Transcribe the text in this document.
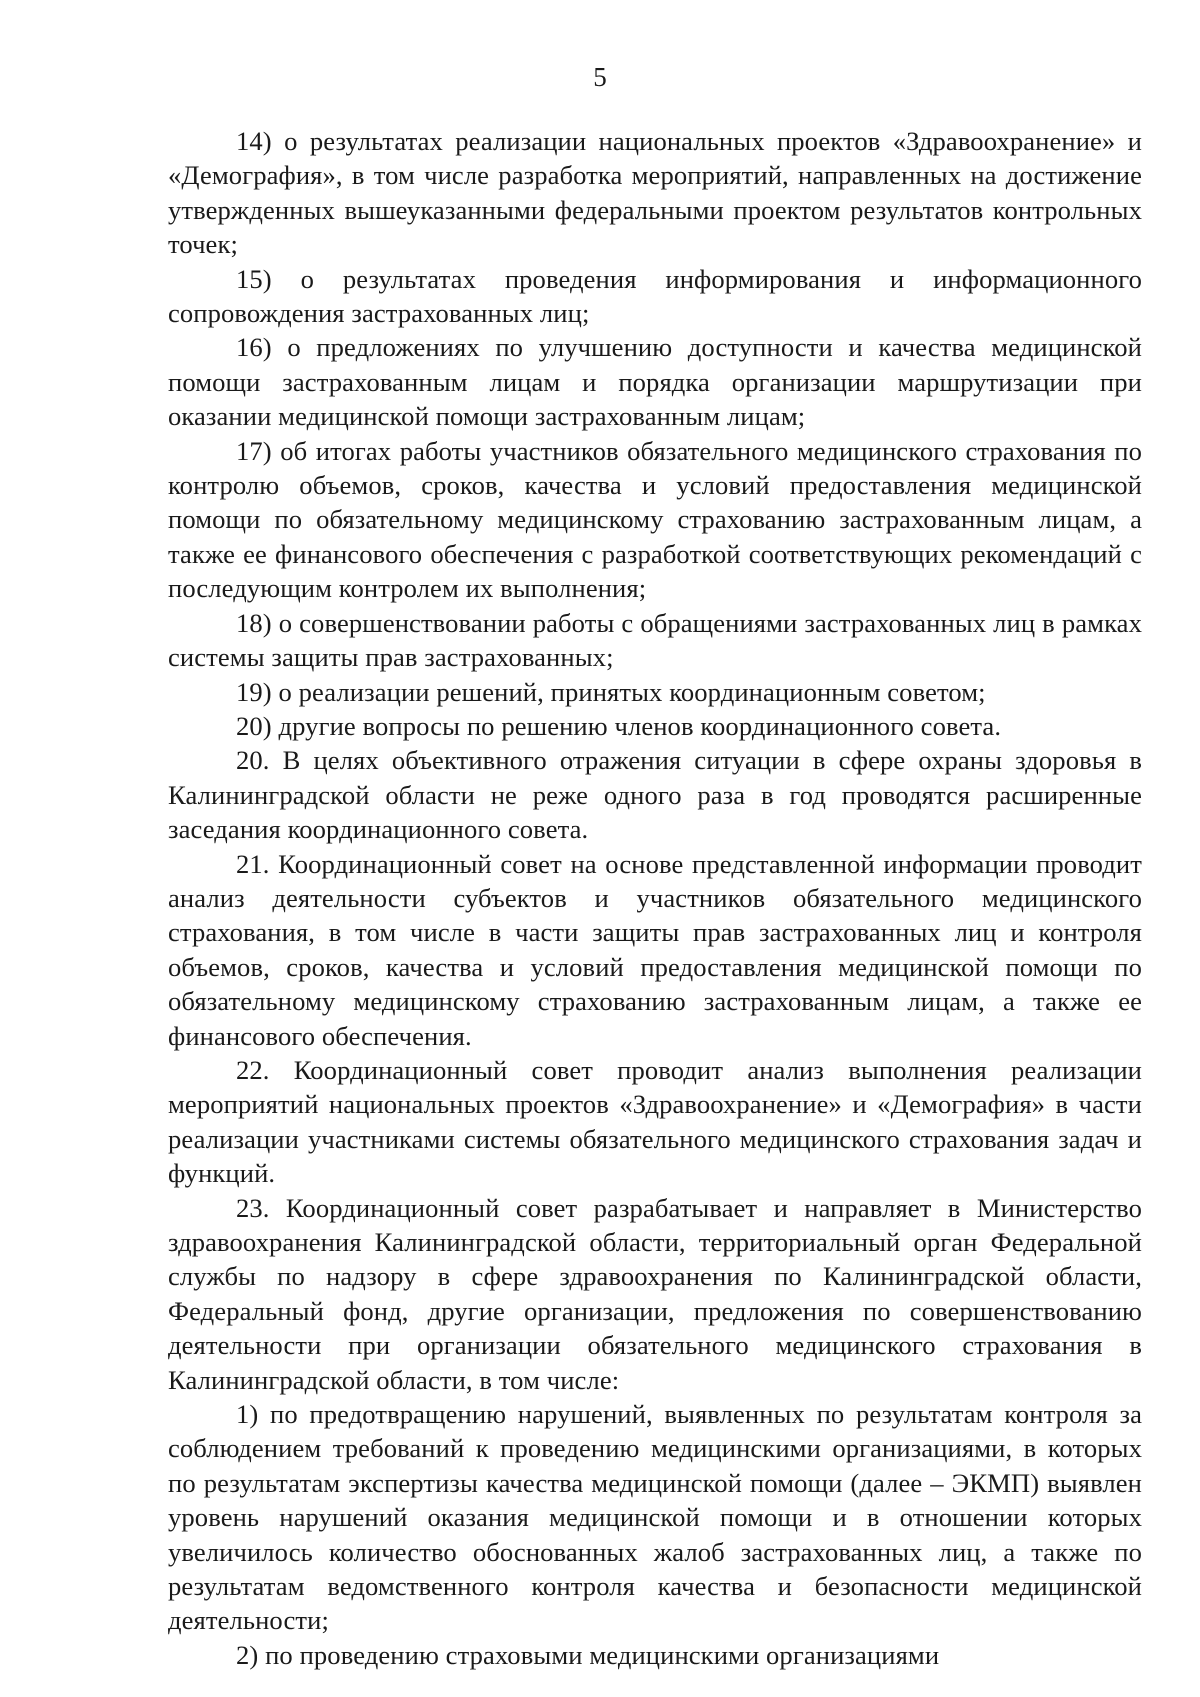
5

14) о результатах реализации национальных проектов «Здравоохранение» и «Демография», в том числе разработка мероприятий, направленных на достижение утвержденных вышеуказанными федеральными проектом результатов контрольных точек;

15) о результатах проведения информирования и информационного сопровождения застрахованных лиц;

16) о предложениях по улучшению доступности и качества медицинской помощи застрахованным лицам и порядка организации маршрутизации при оказании медицинской помощи застрахованным лицам;

17) об итогах работы участников обязательного медицинского страхования по контролю объемов, сроков, качества и условий предоставления медицинской помощи по обязательному медицинскому страхованию застрахованным лицам, а также ее финансового обеспечения с разработкой соответствующих рекомендаций с последующим контролем их выполнения;

18) о совершенствовании работы с обращениями застрахованных лиц в рамках системы защиты прав застрахованных;

19) о реализации решений, принятых координационным советом;

20) другие вопросы по решению членов координационного совета.

20. В целях объективного отражения ситуации в сфере охраны здоровья в Калининградской области не реже одного раза в год проводятся расширенные заседания координационного совета.

21. Координационный совет на основе представленной информации проводит анализ деятельности субъектов и участников обязательного медицинского страхования, в том числе в части защиты прав застрахованных лиц и контроля объемов, сроков, качества и условий предоставления медицинской помощи по обязательному медицинскому страхованию застрахованным лицам, а также ее финансового обеспечения.

22. Координационный совет проводит анализ выполнения реализации мероприятий национальных проектов «Здравоохранение» и «Демография» в части реализации участниками системы обязательного медицинского страхования задач и функций.

23. Координационный совет разрабатывает и направляет в Министерство здравоохранения Калининградской области, территориальный орган Федеральной службы по надзору в сфере здравоохранения по Калининградской области, Федеральный фонд, другие организации, предложения по совершенствованию деятельности при организации обязательного медицинского страхования в Калининградской области, в том числе:

1) по предотвращению нарушений, выявленных по результатам контроля за соблюдением требований к проведению медицинскими организациями, в которых по результатам экспертизы качества медицинской помощи (далее – ЭКМП) выявлен уровень нарушений оказания медицинской помощи и в отношении которых увеличилось количество обоснованных жалоб застрахованных лиц, а также по результатам ведомственного контроля качества и безопасности медицинской деятельности;

2) по проведению страховыми медицинскими организациями
